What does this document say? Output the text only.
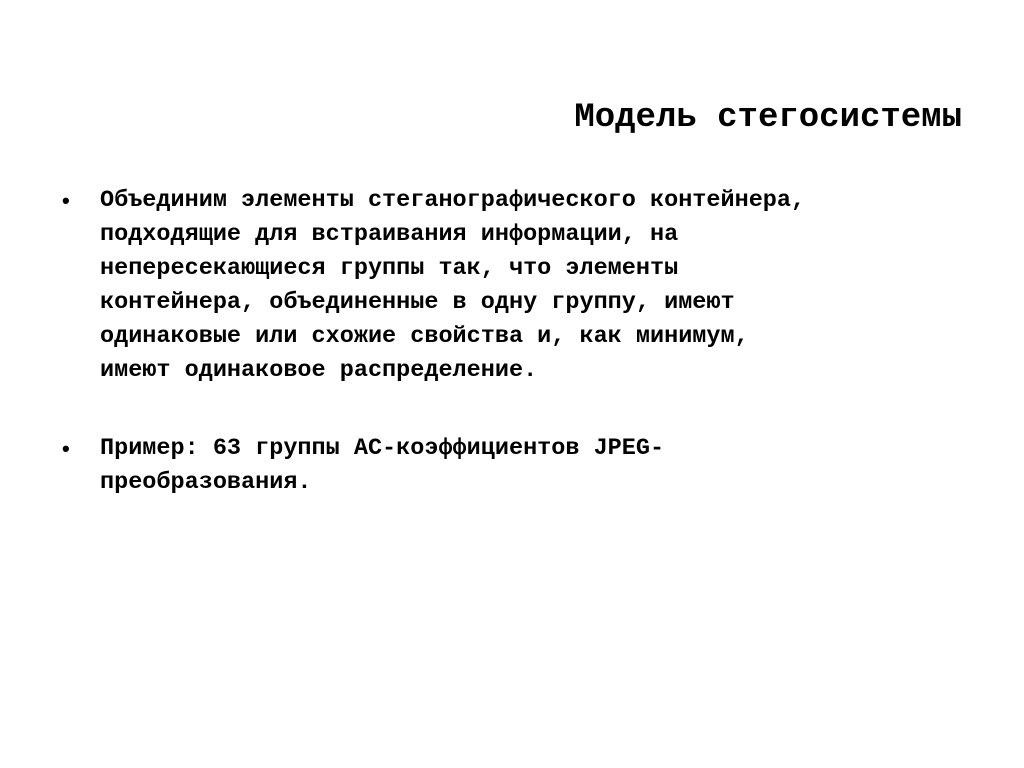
Модель стегосистемы
•	Объединим элементы стеганографического контейнера,
подходящие для встраивания информации, на
непересекающиеся группы так, что элементы
контейнера, объединенные в одну группу, имеют
одинаковые или схожие свойства и, как минимум,
имеют одинаковое распределение.
•	Пример: 63 группы AC-коэффициентов JPEG-
преобразования.
